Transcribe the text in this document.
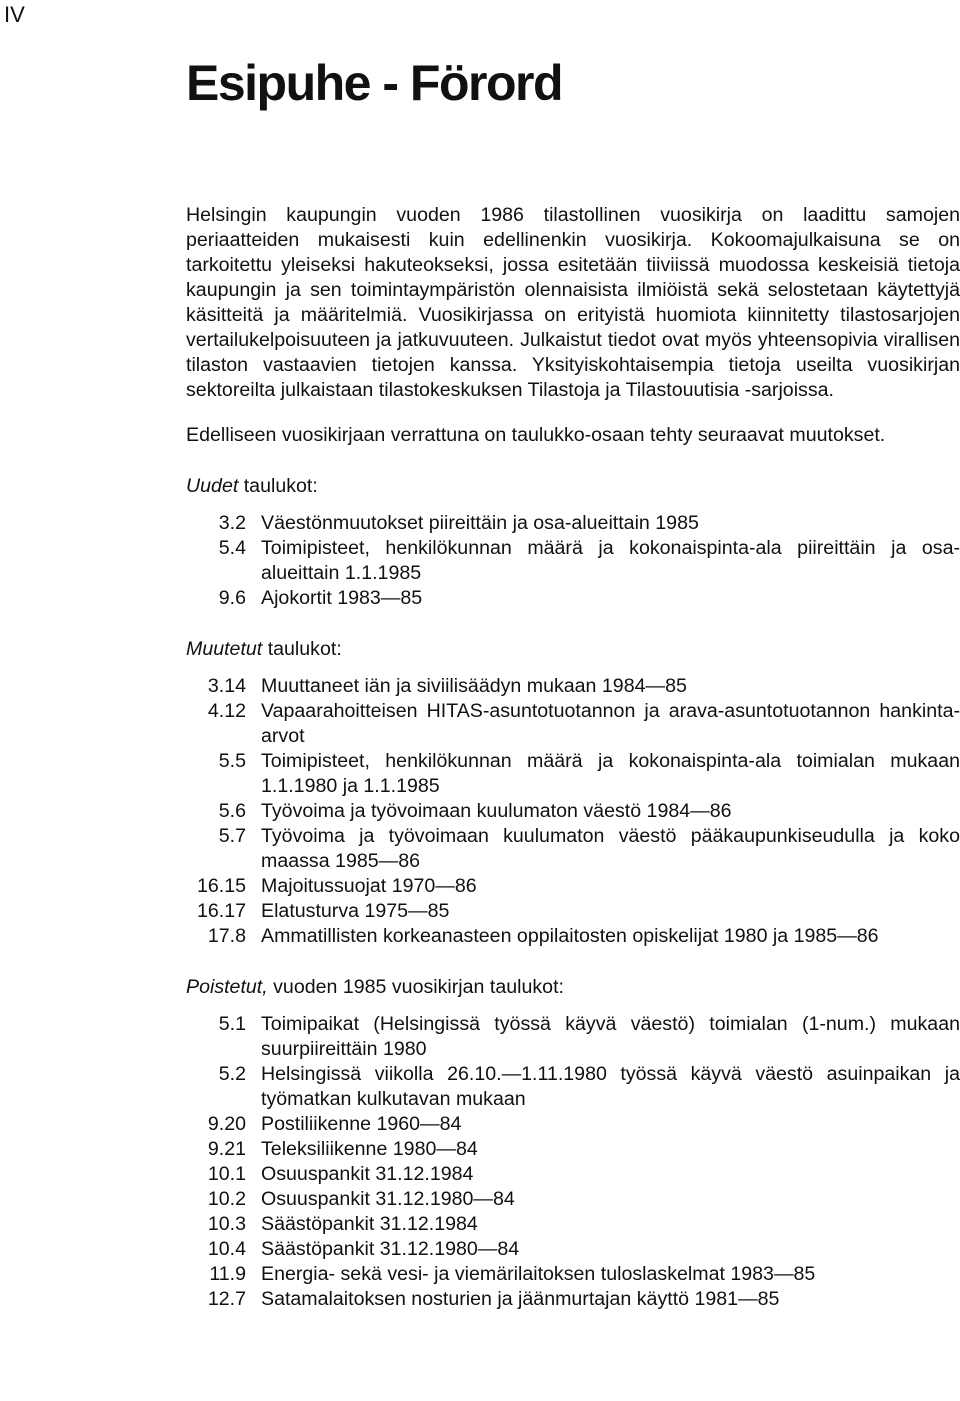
IV
Esipuhe - Förord

Helsingin kaupungin vuoden 1986 tilastollinen vuosikirja on laadittu samojen periaatteiden mukaisesti kuin edellinenkin vuosikirja. Kokoomajulkaisuna se on tarkoitettu yleiseksi hakuteokseksi, jossa esitetään tiiviissä muodossa keskeisiä tietoja kaupungin ja sen toimintaympäristön olennaisista ilmiöistä sekä selostetaan käytettyjä käsitteitä ja määritelmiä. Vuosikirjassa on erityistä huomiota kiinnitetty tilastosarjojen vertailukelpoisuuteen ja jatkuvuuteen. Julkaistut tiedot ovat myös yhteensopivia virallisen tilaston vastaavien tietojen kanssa. Yksityiskohtaisempia tietoja useilta vuosikirjan sektoreilta julkaistaan tilastokeskuksen Tilastoja ja Tilastouutisia -sarjoissa.

Edelliseen vuosikirjaan verrattuna on taulukko-osaan tehty seuraavat muutokset.

Uudet taulukot:
3.2 Väestönmuutokset piireittäin ja osa-alueittain 1985
5.4 Toimipisteet, henkilökunnan määrä ja kokonaispinta-ala piireittäin ja osa-alueittain 1.1.1985
9.6 Ajokortit 1983—85
Muutetut taulukot:
3.14 Muuttaneet iän ja siviilisäädyn mukaan 1984—85
4.12 Vapaarahoitteisen HITAS-asuntotuotannon ja arava-asuntotuotannon hankinta-arvot
5.5 Toimipisteet, henkilökunnan määrä ja kokonaispinta-ala toimialan mukaan 1.1.1980 ja 1.1.1985
5.6 Työvoima ja työvoimaan kuulumaton väestö 1984—86
5.7 Työvoima ja työvoimaan kuulumaton väestö pääkaupunkiseudulla ja koko maassa 1985—86
16.15 Majoitussuojat 1970—86
16.17 Elatusturva 1975—85
17.8 Ammatillisten korkeanasteen oppilaitosten opiskelijat 1980 ja 1985—86
Poistetut, vuoden 1985 vuosikirjan taulukot:
5.1 Toimipaikat (Helsingissä työssä käyvä väestö) toimialan (1-num.) mukaan suurpiireittäin 1980
5.2 Helsingissä viikolla 26.10.—1.11.1980 työssä käyvä väestö asuinpaikan ja työmatkan kulkutavan mukaan
9.20 Postiliikenne 1960—84
9.21 Teleksiliikenne 1980—84
10.1 Osuuspankit 31.12.1984
10.2 Osuuspankit 31.12.1980—84
10.3 Säästöpankit 31.12.1984
10.4 Säästöpankit 31.12.1980—84
11.9 Energia- sekä vesi- ja viemärilaitoksen tuloslaskelmat 1983—85
12.7 Satamalaitoksen nosturien ja jäänmurtajan käyttö 1981—85
